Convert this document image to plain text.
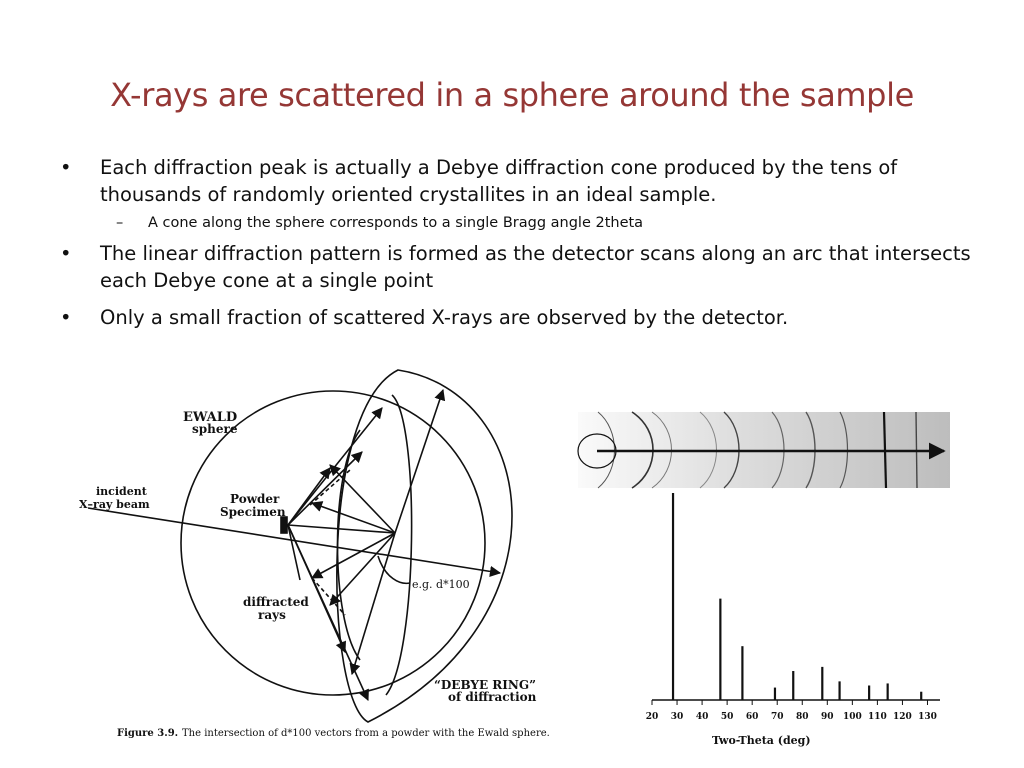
X-rays are scattered in a sphere around the sample
• Each diffraction peak is actually a Debye diffraction cone produced by the tens of thousands of randomly oriented crystallites in an ideal sample.
– A cone along the sphere corresponds to a single Bragg angle 2theta
• The linear diffraction pattern is formed as the detector scans along an arc that intersects each Debye cone at a single point
• Only a small fraction of scattered X-rays are observed by the detector.
EWALD
sphere
incident
X–ray beam	Powder
Specimen
diffracted
rays
e.g. d*100
“DEBYE RING”
of diffraction
Figure 3.9. The intersection of d*100 vectors from a powder with the Ewald sphere.
20 30 40 50 60 70 80 90 100 110 120 130
Two-Theta (deg)
